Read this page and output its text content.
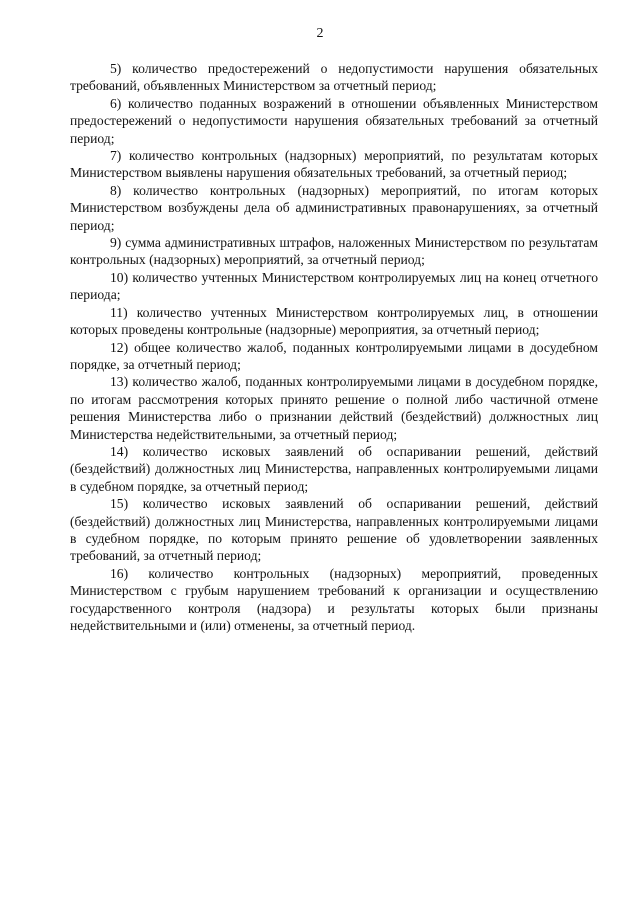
2

5) количество предостережений о недопустимости нарушения обязательных требований, объявленных Министерством за отчетный период;

6) количество поданных возражений в отношении объявленных Министерством предостережений о недопустимости нарушения обязательных требований за отчетный период;

7) количество контрольных (надзорных) мероприятий, по результатам которых Министерством выявлены нарушения обязательных требований, за отчетный период;

8) количество контрольных (надзорных) мероприятий, по итогам которых Министерством возбуждены дела об административных правонарушениях, за отчетный период;

9) сумма административных штрафов, наложенных Министерством по результатам контрольных (надзорных) мероприятий, за отчетный период;

10) количество учтенных Министерством контролируемых лиц на конец отчетного периода;

11) количество учтенных Министерством контролируемых лиц, в отношении которых проведены контрольные (надзорные) мероприятия, за отчетный период;

12) общее количество жалоб, поданных контролируемыми лицами в досудебном порядке, за отчетный период;

13) количество жалоб, поданных контролируемыми лицами в досудебном порядке, по итогам рассмотрения которых принято решение о полной либо частичной отмене решения Министерства либо о признании действий (бездействий) должностных лиц Министерства недействительными, за отчетный период;

14) количество исковых заявлений об оспаривании решений, действий (бездействий) должностных лиц Министерства, направленных контролируемыми лицами в судебном порядке, за отчетный период;

15) количество исковых заявлений об оспаривании решений, действий (бездействий) должностных лиц Министерства, направленных контролируемыми лицами в судебном порядке, по которым принято решение об удовлетворении заявленных требований, за отчетный период;

16) количество контрольных (надзорных) мероприятий, проведенных Министерством с грубым нарушением требований к организации и осуществлению государственного контроля (надзора) и результаты которых были признаны недействительными и (или) отменены, за отчетный период.
